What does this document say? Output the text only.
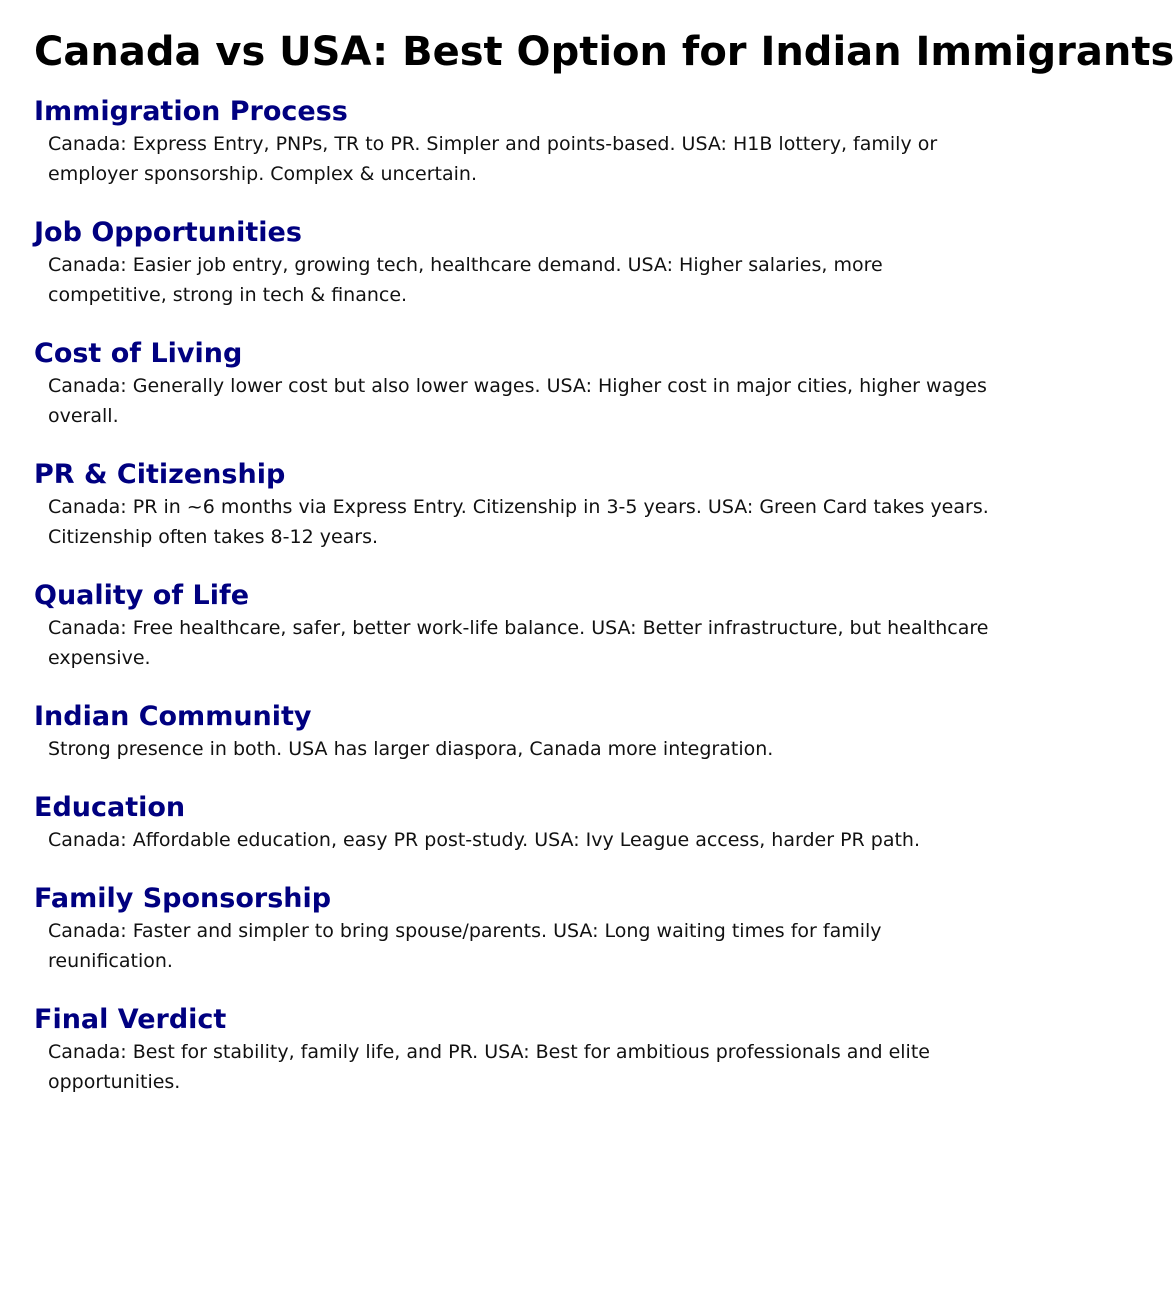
Canada vs USA: Best Option for Indian Immigrants
Immigration Process

Canada: Express Entry, PNPs, TR to PR. Simpler and points-based. USA: H1B lottery, family or employer sponsorship. Complex & uncertain.

Job Opportunities

Canada: Easier job entry, growing tech, healthcare demand. USA: Higher salaries, more competitive, strong in tech & finance.

Cost of Living

Canada: Generally lower cost but also lower wages. USA: Higher cost in major cities, higher wages overall.

PR & Citizenship

Canada: PR in ~6 months via Express Entry. Citizenship in 3-5 years. USA: Green Card takes years. Citizenship often takes 8-12 years.

Quality of Life

Canada: Free healthcare, safer, better work-life balance. USA: Better infrastructure, but healthcare expensive.

Indian Community

Strong presence in both. USA has larger diaspora, Canada more integration.

Education

Canada: Affordable education, easy PR post-study. USA: Ivy League access, harder PR path.

Family Sponsorship

Canada: Faster and simpler to bring spouse/parents. USA: Long waiting times for family reunification.

Final Verdict

Canada: Best for stability, family life, and PR. USA: Best for ambitious professionals and elite opportunities.
